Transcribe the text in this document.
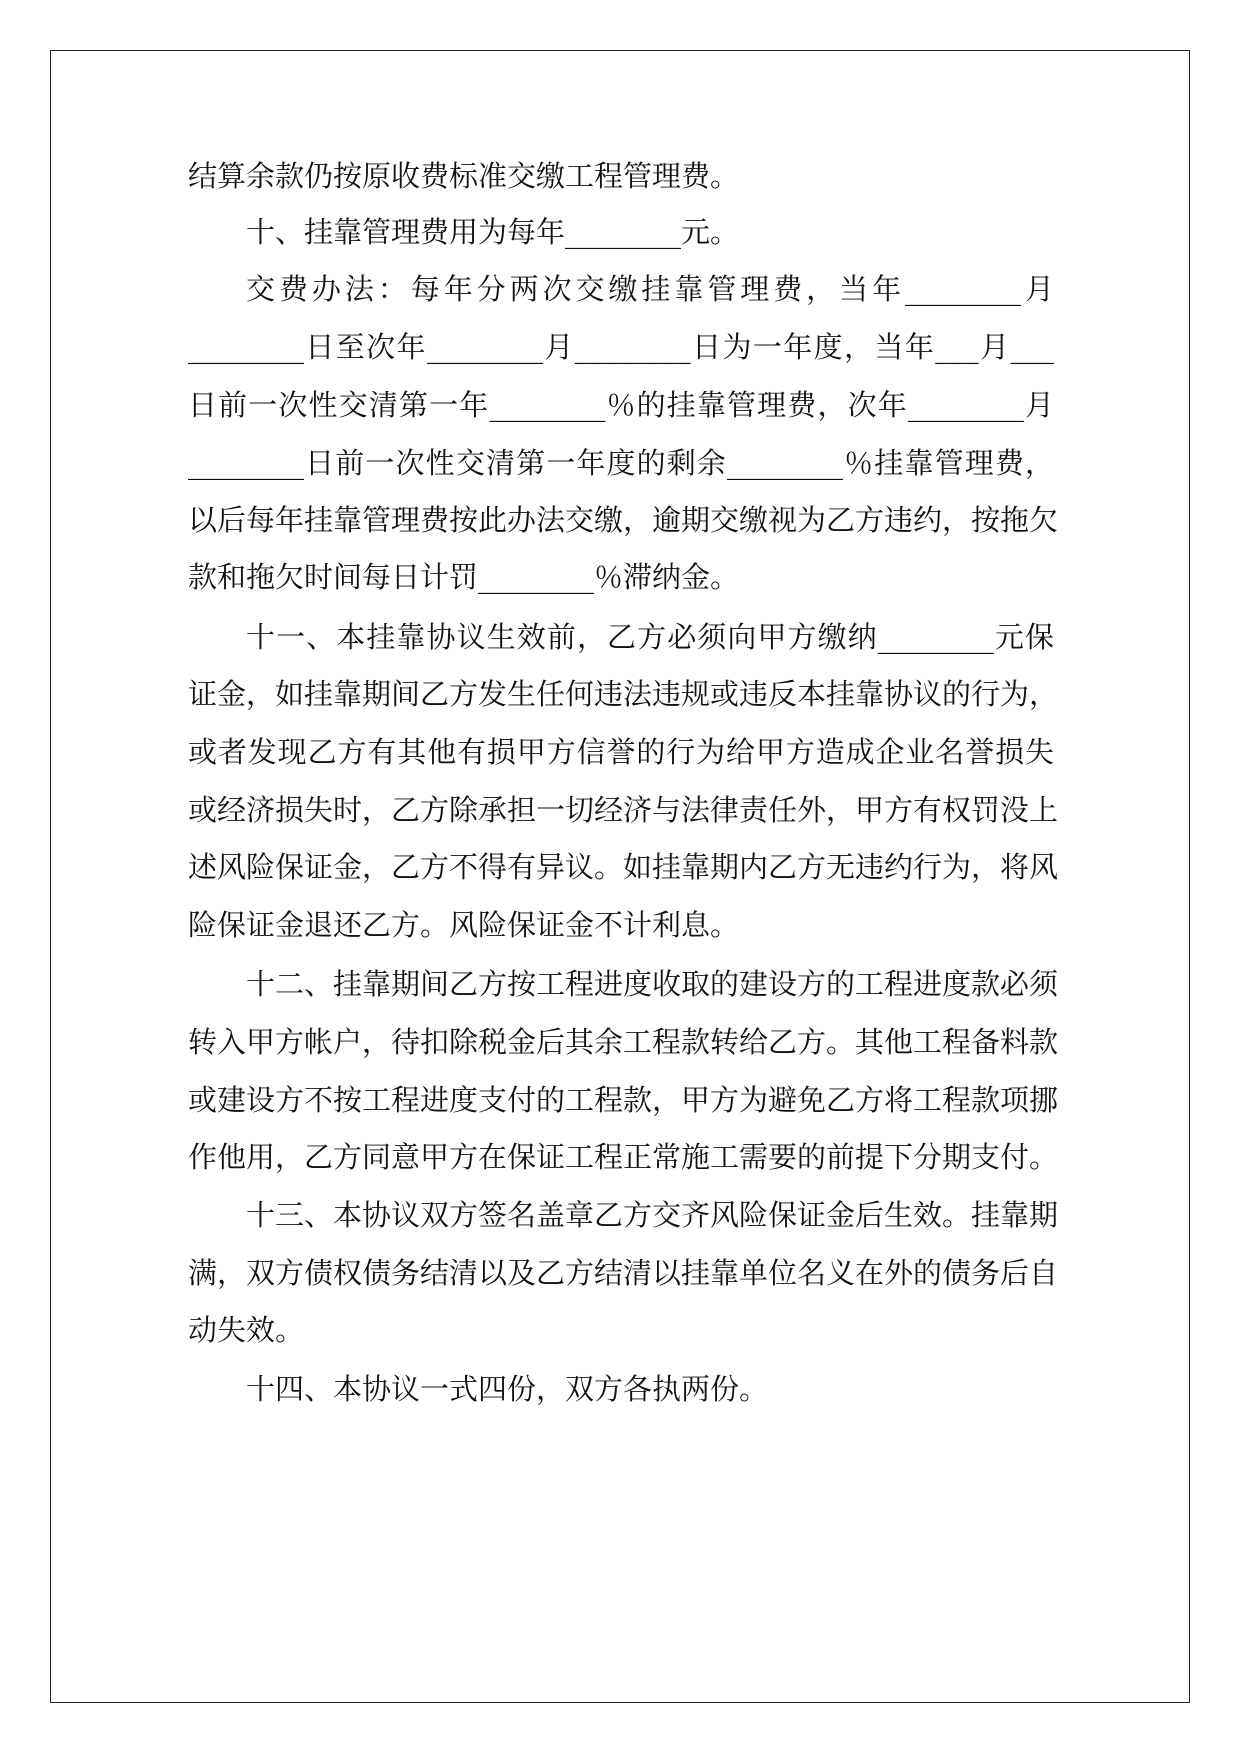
结算余款仍按原收费标准交缴工程管理费。
十、挂靠管理费用为每年________元。
交费办法：每年分两次交缴挂靠管理费，当年________月
________日至次年________月________日为一年度，当年___月___
日前一次性交清第一年________％的挂靠管理费，次年________月
________日前一次性交清第一年度的剩余________％挂靠管理费，
以后每年挂靠管理费按此办法交缴，逾期交缴视为乙方违约，按拖欠
款和拖欠时间每日计罚________％滞纳金。
十一、本挂靠协议生效前，乙方必须向甲方缴纳________元保
证金，如挂靠期间乙方发生任何违法违规或违反本挂靠协议的行为，
或者发现乙方有其他有损甲方信誉的行为给甲方造成企业名誉损失
或经济损失时，乙方除承担一切经济与法律责任外，甲方有权罚没上
述风险保证金，乙方不得有异议。如挂靠期内乙方无违约行为，将风
险保证金退还乙方。风险保证金不计利息。
十二、挂靠期间乙方按工程进度收取的建设方的工程进度款必须
转入甲方帐户，待扣除税金后其余工程款转给乙方。其他工程备料款
或建设方不按工程进度支付的工程款，甲方为避免乙方将工程款项挪
作他用，乙方同意甲方在保证工程正常施工需要的前提下分期支付。
十三、本协议双方签名盖章乙方交齐风险保证金后生效。挂靠期
满，双方债权债务结清以及乙方结清以挂靠单位名义在外的债务后自
动失效。
十四、本协议一式四份，双方各执两份。
